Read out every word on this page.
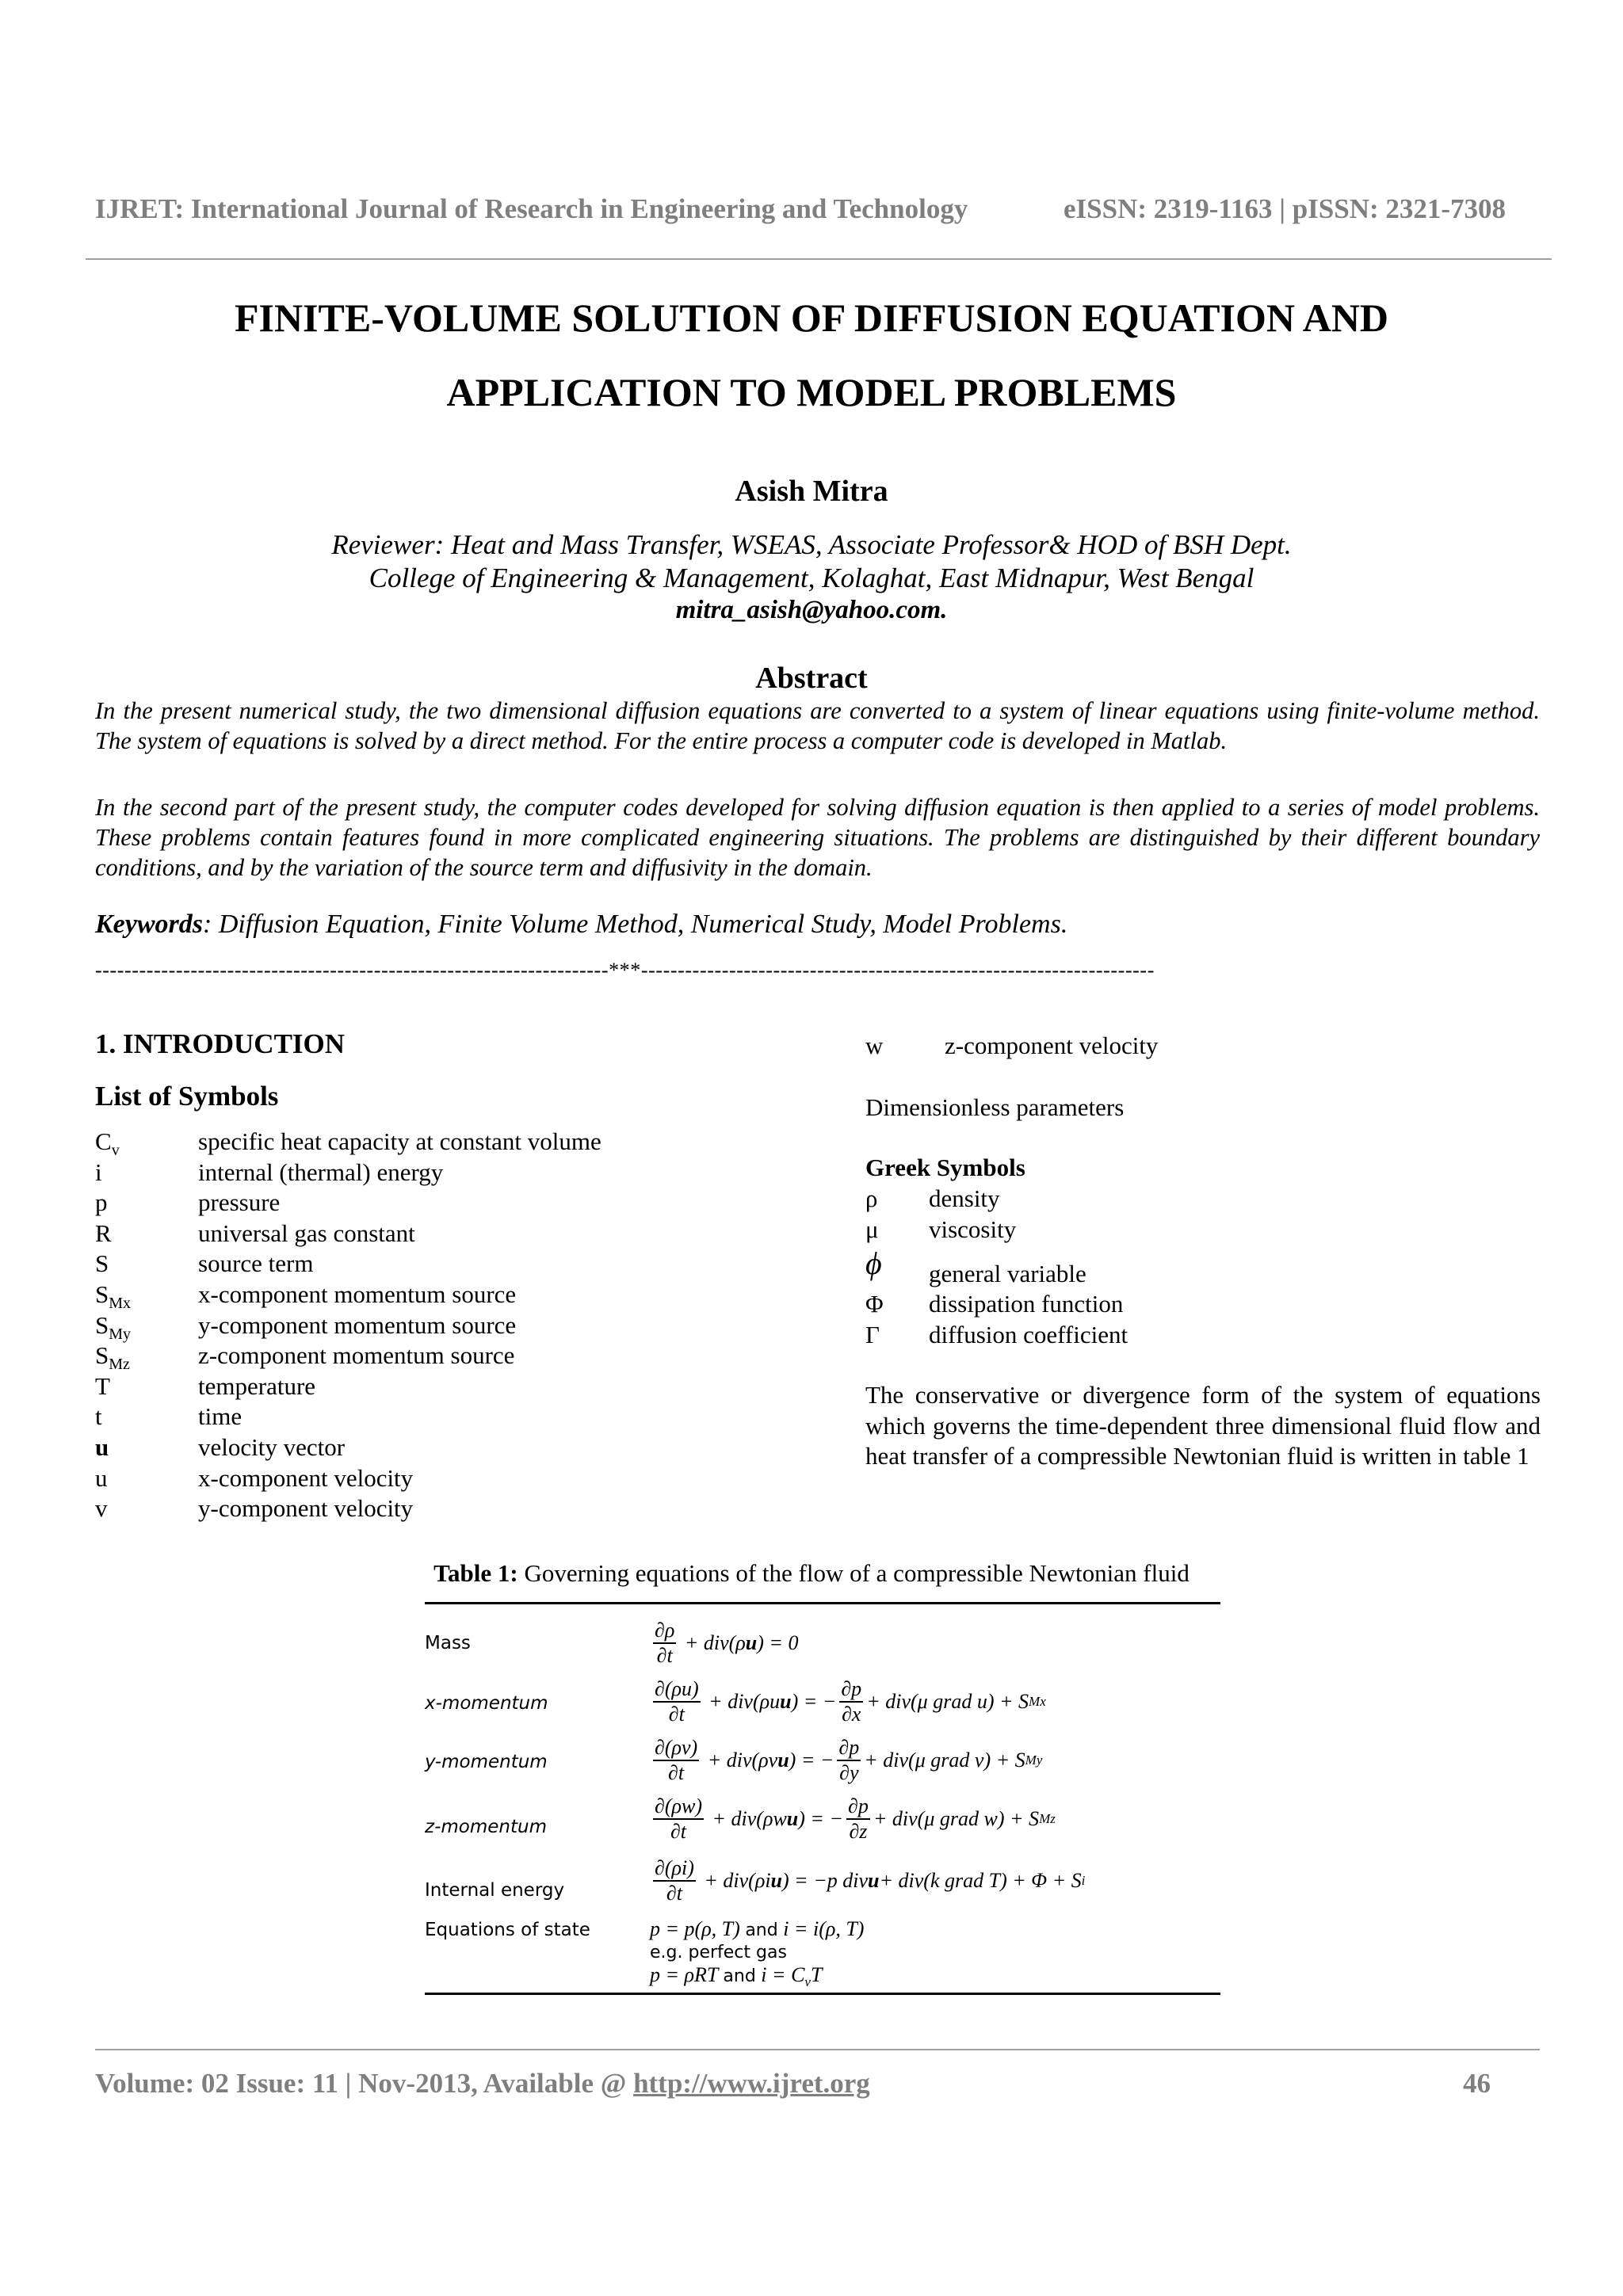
IJRET: International Journal of Research in Engineering and Technology	eISSN: 2319-1163 | pISSN: 2321-7308
FINITE-VOLUME SOLUTION OF DIFFUSION EQUATION AND
APPLICATION TO MODEL PROBLEMS
Asish Mitra
Reviewer: Heat and Mass Transfer, WSEAS, Associate Professor& HOD of BSH Dept.
College of Engineering & Management, Kolaghat, East Midnapur, West Bengal
mitra_asish@yahoo.com.
Abstract
In the present numerical study, the two dimensional diffusion equations are converted to a system of linear equations using finite-volume method. The system of equations is solved by a direct method. For the entire process a computer code is developed in Matlab.
In the second part of the present study, the computer codes developed for solving diffusion equation is then applied to a series of model problems. These problems contain features found in more complicated engineering situations. The problems are distinguished by their different boundary conditions, and by the variation of the source term and diffusivity in the domain.
Keywords: Diffusion Equation, Finite Volume Method, Numerical Study, Model Problems.
----------------------------------------------------------------------***----------------------------------------------------------------------
1. INTRODUCTION
List of Symbols
$C_v$	specific heat capacity at constant volume
i	internal (thermal) energy
p	pressure
R	universal gas constant
S	source term
$S_{Mx}$	x-component momentum source
$S_{My}$	y-component momentum source
$S_{Mz}$	z-component momentum source
T	temperature
t	time
u	velocity vector
u	x-component velocity
v	y-component velocity
w	z-component velocity
Dimensionless parameters
Greek Symbols
ρ	density
μ	viscosity
ϕ	general variable
Φ	dissipation function
Γ	diffusion coefficient
The conservative or divergence form of the system of equations which governs the time-dependent three dimensional fluid flow and heat transfer of a compressible Newtonian fluid is written in table 1
Table 1: Governing equations of the flow of a compressible Newtonian fluid
Mass	$\frac{\partial\rho}{\partial t} + div(\rho$ u ) = 0
x-momentum	$\frac{\partial(\rho u)}{\partial t} + div(\rho u$ u ) = − $\frac{\partial p}{\partial x} + div(\mu$ grad u) + S Mx
y-momentum	$\frac{\partial(\rho v)}{\partial t} + div(\rho v$ u ) = − $\frac{\partial p}{\partial y} + div(\mu$ grad v) + S My
z-momentum	$\frac{\partial(\rho w)}{\partial t} + div(\rho w$ u ) = − $\frac{\partial p}{\partial z} + div(\mu$ grad w) + S Mz
Internal energy	$\frac{\partial(\rho i)}{\partial t} + div(\rho i$ u ) = −p div u + div(k grad T) + Φ + S i
Equations of state	p = p(ρ, T) and i = i(ρ, T)
e.g. perfect gas
p = ρRT and $i = C_vT$
Volume: 02 Issue: 11 | Nov-2013, Available @ http://www.ijret.org	46
